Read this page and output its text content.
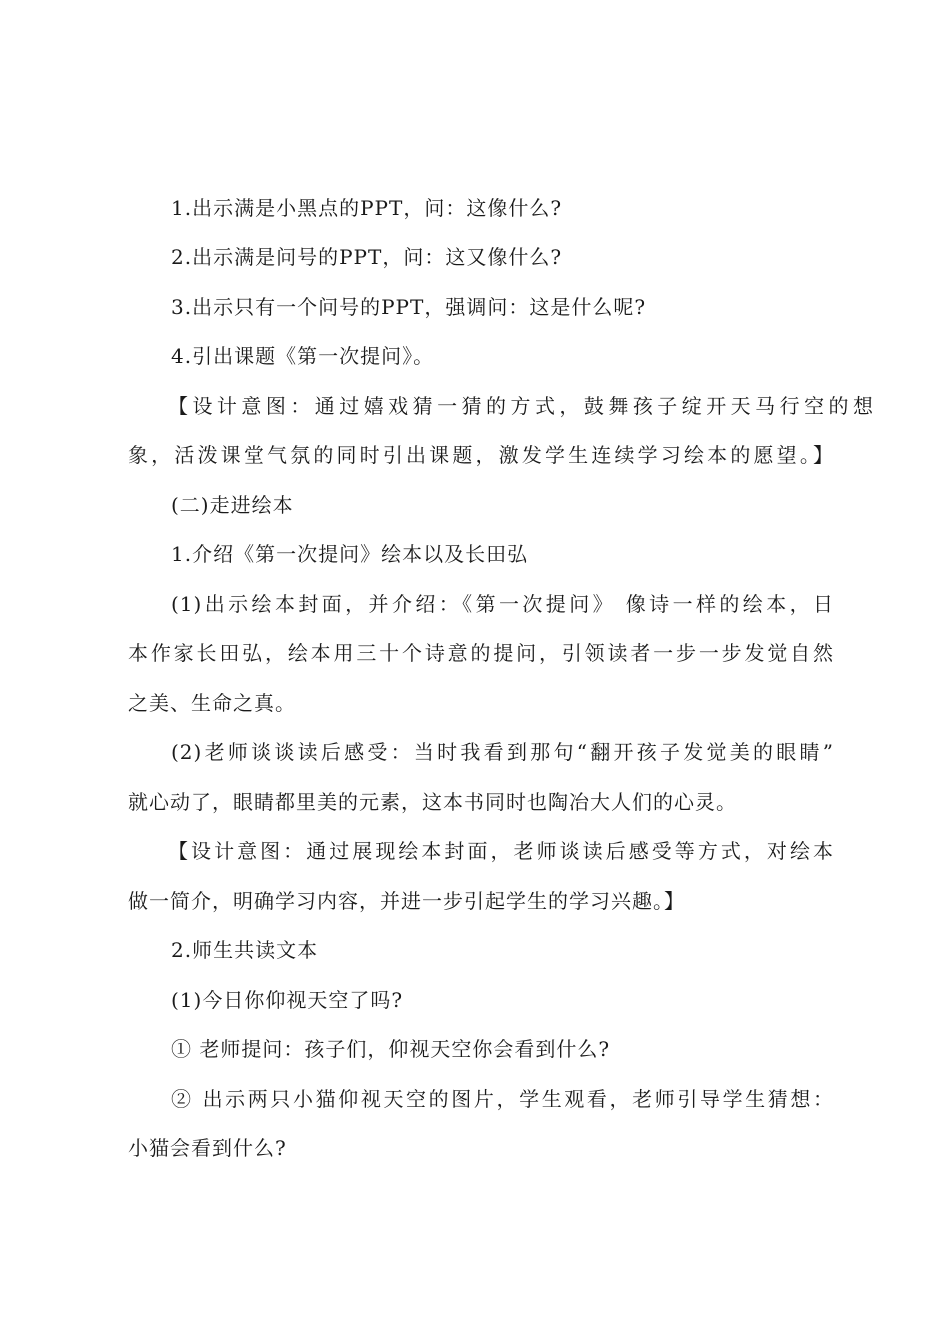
1.出示满是小黑点的PPT，问：这像什么?
2.出示满是问号的PPT，问：这又像什么?
3.出示只有一个问号的PPT，强调问：这是什么呢?
4.引出课题《第一次提问》。
【设计意图：通过嬉戏猜一猜的方式，鼓舞孩子绽开天马行空的想
象，活泼课堂气氛的同时引出课题，激发学生连续学习绘本的愿望。】
(二)走进绘本
1.介绍《第一次提问》绘本以及长田弘
(1)出示绘本封面，并介绍：《第一次提问》 像诗一样的绘本，日
本作家长田弘，绘本用三十个诗意的提问，引领读者一步一步发觉自然
之美、生命之真。
(2)老师谈谈读后感受：当时我看到那句“翻开孩子发觉美的眼睛”
就心动了，眼睛都里美的元素，这本书同时也陶冶大人们的心灵。
【设计意图：通过展现绘本封面，老师谈读后感受等方式，对绘本
做一简介，明确学习内容，并进一步引起学生的学习兴趣。】
2.师生共读文本
(1)今日你仰视天空了吗?
① 老师提问：孩子们，仰视天空你会看到什么?
② 出示两只小猫仰视天空的图片，学生观看，老师引导学生猜想：
小猫会看到什么?
